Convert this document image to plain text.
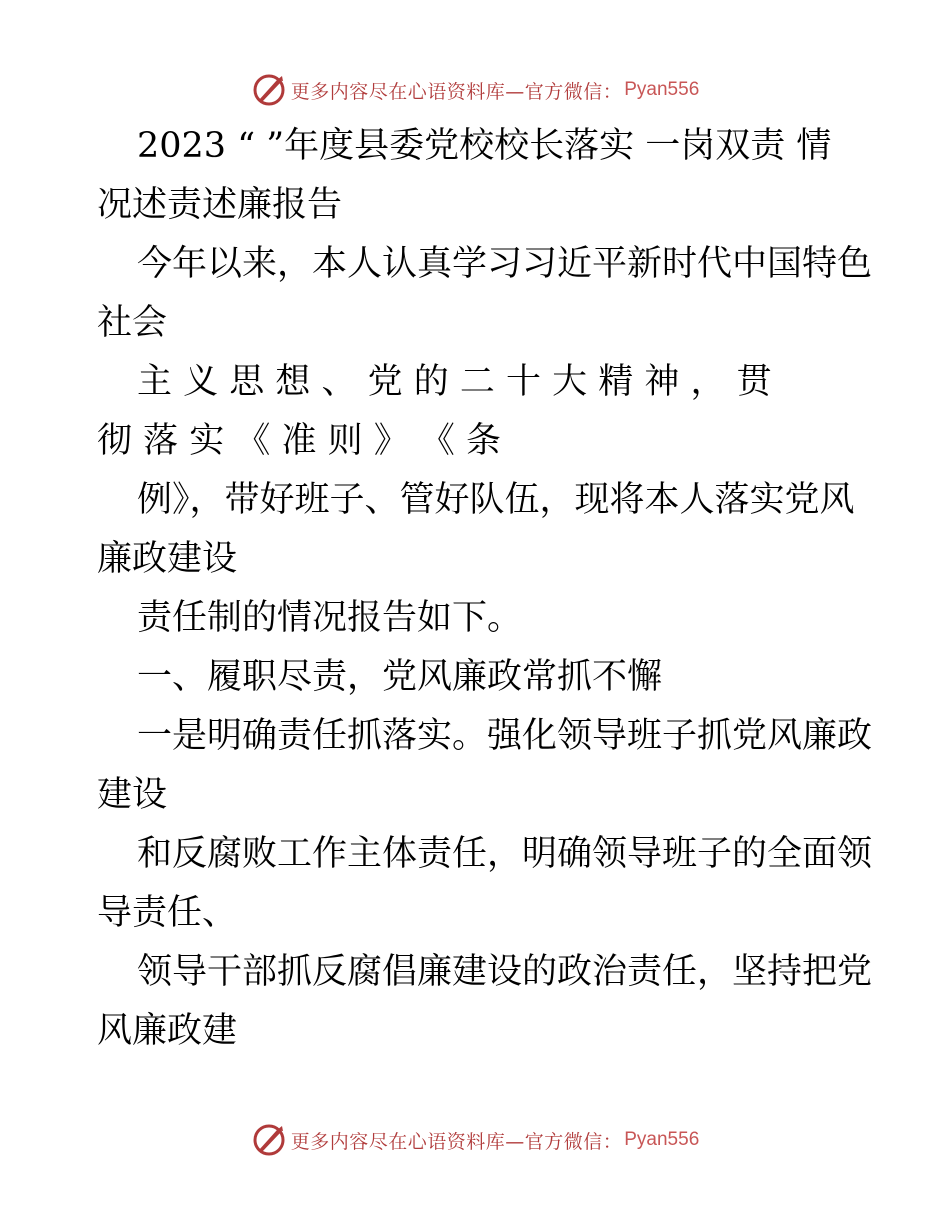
更多内容尽在心语资料库—官方微信： Pyan556
2023 “ ”年度县委党校校长落实 一岗双责 情
况述责述廉报告
今年以来，本人认真学习习近平新时代中国特色
社会
主 义 思 想 、 党 的 二 十 大 精 神 ， 贯
彻 落 实 《 准 则 》 《 条
例》，带好班子、管好队伍，现将本人落实党风
廉政建设
责任制的情况报告如下。
一、履职尽责，党风廉政常抓不懈
一是明确责任抓落实。强化领导班子抓党风廉政
建设
和反腐败工作主体责任，明确领导班子的全面领
导责任、
领导干部抓反腐倡廉建设的政治责任，坚持把党
风廉政建
更多内容尽在心语资料库—官方微信： Pyan556
